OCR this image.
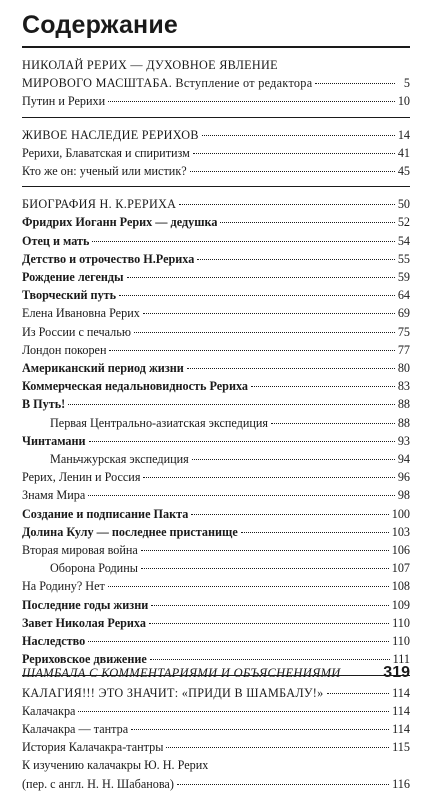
Содержание
НИКОЛАЙ РЕРИХ — ДУХОВНОЕ ЯВЛЕНИЕ
МИРОВОГО МАСШТАБА. Вступление от редактора	5
Путин и Рерихи	10
ЖИВОЕ НАСЛЕДИЕ РЕРИХОВ	14
Рерихи, Блаватская и спиритизм	41
Кто же он: ученый или мистик?	45
БИОГРАФИЯ Н. К.РЕРИХА	50
Фридрих Иоганн Рерих — дедушка	52
Отец и мать	54
Детство и отрочество Н.Рериха	55
Рождение легенды	59
Творческий путь	64
Елена Ивановна Рерих	69
Из России с печалью	75
Лондон покорен	77
Американский период жизни	80
Коммерческая недальновидность Рериха	83
В Путь!	88
Первая Центрально-азиатская экспедиция	88
Чинтамани	93
Маньчжурская экспедиция	94
Рерих, Ленин и Россия	96
Знамя Мира	98
Создание и подписание Пакта	100
Долина Кулу — последнее пристанище	103
Вторая мировая война	106
Оборона Родины	107
На Родину? Нет	108
Последние годы жизни	109
Завет Николая Рериха	110
Наследство	110
Рериховское движение	111
КАЛАГИЯ!!! ЭТО ЗНАЧИТ: «ПРИДИ В ШАМБАЛУ!»	114
Калачакра	114
Калачакра — тантра	114
История Калачакра-тантры	115
К изучению калачакры Ю. Н. Рерих
(пер. с англ. Н. Н. Шабанова)	116
ШАМБАЛА С КОММЕНТАРИЯМИ И ОБЪЯСНЕНИЯМИ	319
